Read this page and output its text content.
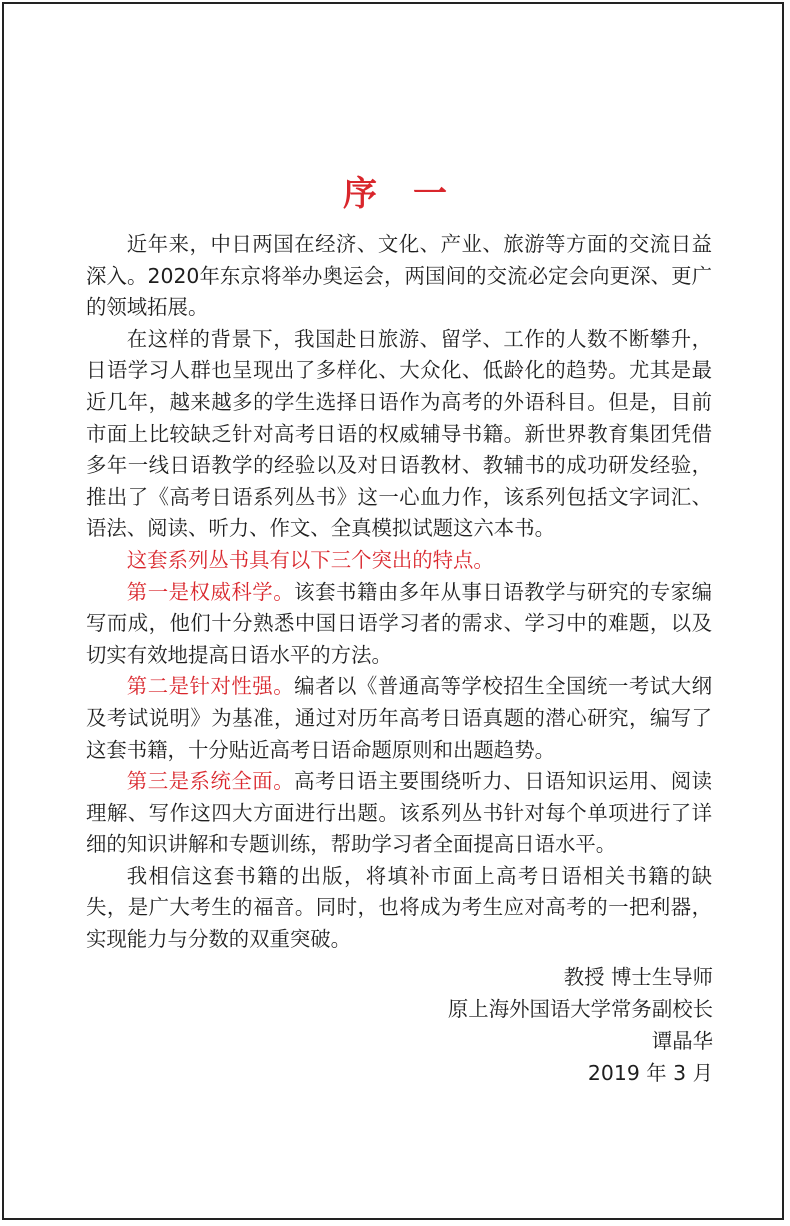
序一

近年来，中日两国在经济、文化、产业、旅游等方面的交流日益深入。2020年东京将举办奥运会，两国间的交流必定会向更深、更广的领域拓展。

在这样的背景下，我国赴日旅游、留学、工作的人数不断攀升，日语学习人群也呈现出了多样化、大众化、低龄化的趋势。尤其是最近几年，越来越多的学生选择日语作为高考的外语科目。但是，目前市面上比较缺乏针对高考日语的权威辅导书籍。新世界教育集团凭借多年一线日语教学的经验以及对日语教材、教辅书的成功研发经验，推出了《高考日语系列丛书》这一心血力作，该系列包括文字词汇、语法、阅读、听力、作文、全真模拟试题这六本书。

这套系列丛书具有以下三个突出的特点。

第一是权威科学。该套书籍由多年从事日语教学与研究的专家编写而成，他们十分熟悉中国日语学习者的需求、学习中的难题，以及切实有效地提高日语水平的方法。

第二是针对性强。编者以《普通高等学校招生全国统一考试大纲及考试说明》为基准，通过对历年高考日语真题的潜心研究，编写了这套书籍，十分贴近高考日语命题原则和出题趋势。

第三是系统全面。高考日语主要围绕听力、日语知识运用、阅读理解、写作这四大方面进行出题。该系列丛书针对每个单项进行了详细的知识讲解和专题训练，帮助学习者全面提高日语水平。

我相信这套书籍的出版，将填补市面上高考日语相关书籍的缺失，是广大考生的福音。同时，也将成为考生应对高考的一把利器，实现能力与分数的双重突破。

教授 博士生导师
原上海外国语大学常务副校长
谭晶华
2019 年 3 月
